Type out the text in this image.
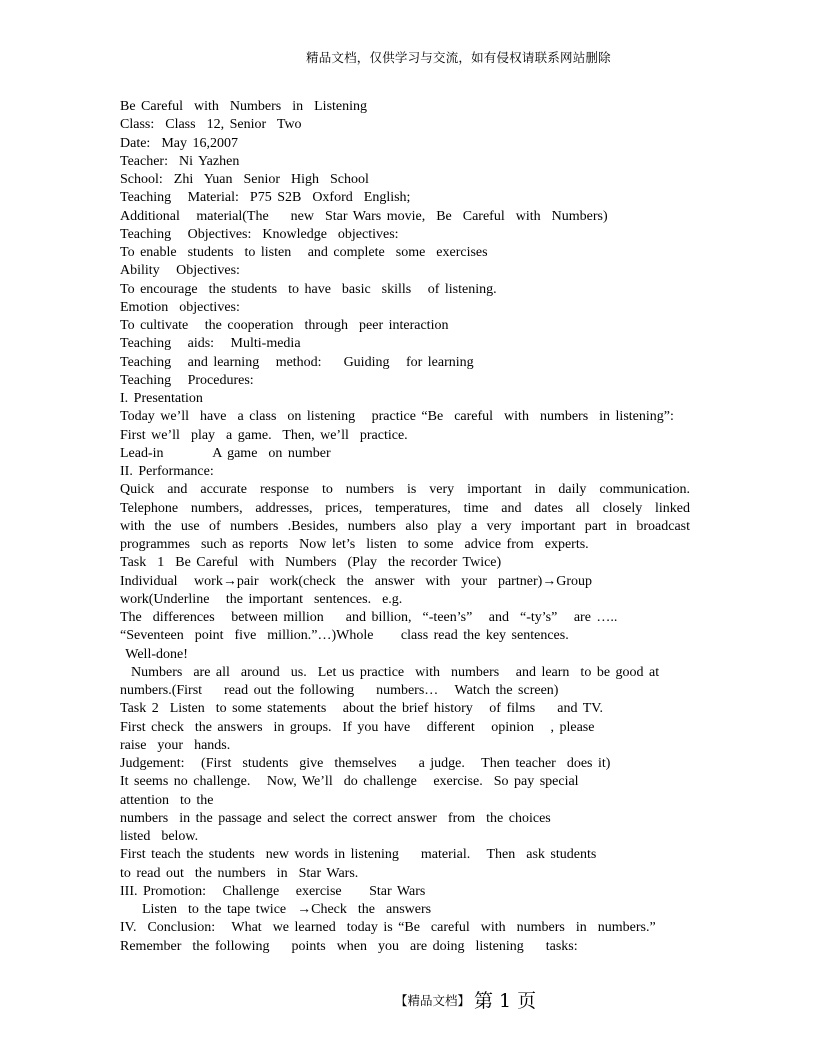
精品文档，仅供学习与交流，如有侵权请联系网站删除
Be Careful  with  Numbers  in  Listening
Class:  Class  12, Senior  Two
Date:  May 16,2007
Teacher:  Ni Yazhen
School:  Zhi  Yuan  Senior  High  School
Teaching   Material:  P75 S2B  Oxford  English;
Additional   material(The    new  Star Wars movie,  Be  Careful  with  Numbers)
Teaching   Objectives:  Knowledge  objectives:
To enable  students  to listen   and complete  some  exercises
Ability   Objectives:
To encourage  the students  to have  basic  skills   of listening.
Emotion  objectives:
To cultivate   the cooperation  through  peer interaction
Teaching   aids:   Multi-media
Teaching   and learning   method:    Guiding   for learning
Teaching   Procedures:
I. Presentation
Today we’ll  have  a class  on listening   practice “Be  careful  with  numbers  in listening”:
First we’ll  play  a game.  Then, we’ll  practice.
Lead-in         A game  on number
II. Performance:
Quick and accurate response to numbers is very important in daily communication.
Telephone numbers, addresses, prices, temperatures, time and dates all closely linked
with the use of numbers .Besides, numbers also play a very important part in broadcast
programmes  such as reports  Now let’s  listen  to some  advice from  experts.
Task  1  Be Careful  with  Numbers  (Play  the recorder Twice)
Individual   work→pair  work(check  the  answer  with  your  partner)→Group
work(Underline   the important  sentences.  e.g.
The  differences   between million    and billion,  “-teen’s”   and  “-ty’s”   are …..
“Seventeen  point  five  million.”…)Whole     class read the key sentences.
Well-done!
Numbers  are all  around  us.  Let us practice  with  numbers   and learn  to be good at
numbers.(First    read out the following    numbers…   Watch the screen)
Task 2  Listen  to some statements   about the brief history   of films    and TV.
First check  the answers  in groups.  If you have   different   opinion   , please
raise  your  hands.
Judgement:   (First  students  give  themselves    a judge.   Then teacher  does it)
It seems no challenge.   Now, We’ll  do challenge   exercise.  So pay special
attention  to the
numbers  in the passage and select the correct answer  from  the choices
listed  below.
First teach the students  new words in listening    material.   Then  ask students
to read out  the numbers  in  Star Wars.
III. Promotion:   Challenge   exercise     Star Wars
Listen  to the tape twice  →Check  the  answers
IV.  Conclusion:   What  we learned  today is “Be  careful  with  numbers  in  numbers.”
Remember  the following    points  when  you  are doing  listening    tasks:
【精品文档】 第 1 页
